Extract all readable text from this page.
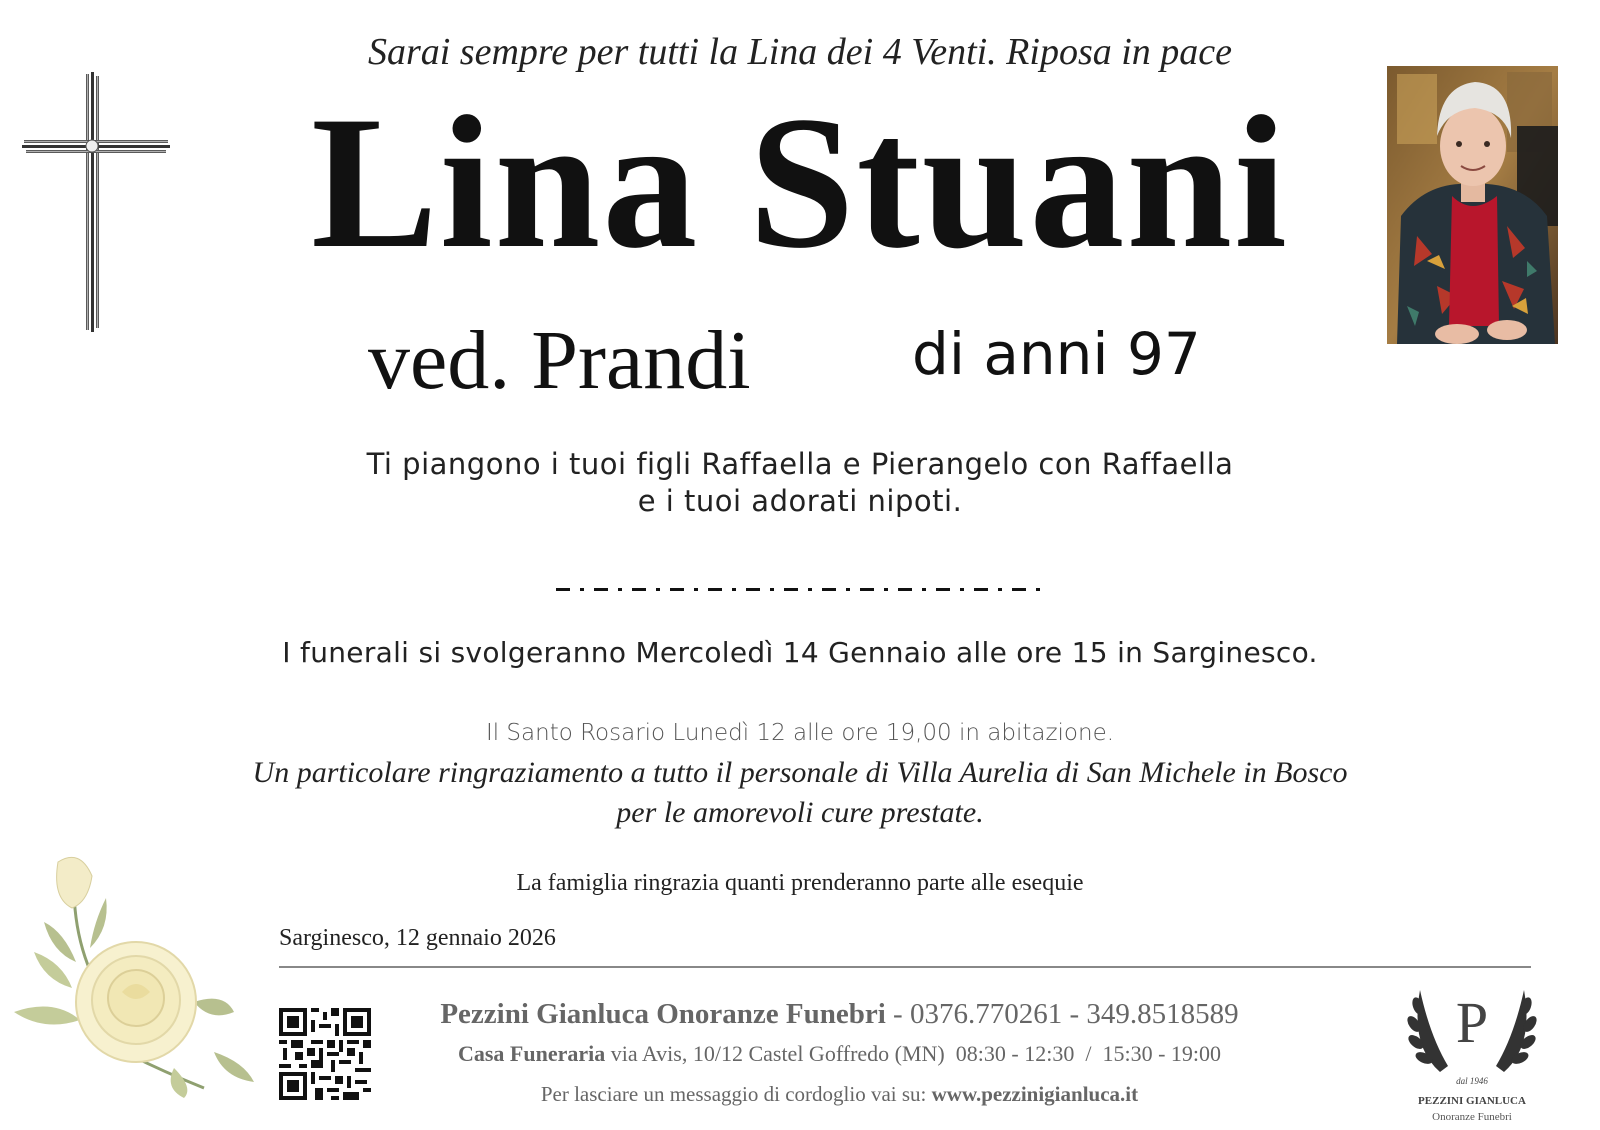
Sarai sempre per tutti la Lina dei 4 Venti. Riposa in pace
Lina Stuani
ved. Prandi	di anni 97
Ti piangono i tuoi figli Raffaella e Pierangelo con Raffaella
e i tuoi adorati nipoti.
I funerali si svolgeranno Mercoledì 14 Gennaio alle ore 15 in Sarginesco.
Il Santo Rosario Lunedì 12 alle ore 19,00 in abitazione.
Un particolare ringraziamento a tutto il personale di Villa Aurelia di San Michele in Bosco
per le amorevoli cure prestate.
La famiglia ringrazia quanti prenderanno parte alle esequie
Sarginesco, 12 gennaio 2026
Pezzini Gianluca Onoranze Funebri - 0376.770261 - 349.8518589
Casa Funeraria via Avis, 10/12 Castel Goffredo (MN) 08:30 - 12:30 / 15:30 - 19:00
Per lasciare un messaggio di cordoglio vai su: www.pezzinigianluca.it
P
dal 1946
PEZZINI GIANLUCA
Onoranze Funebri
